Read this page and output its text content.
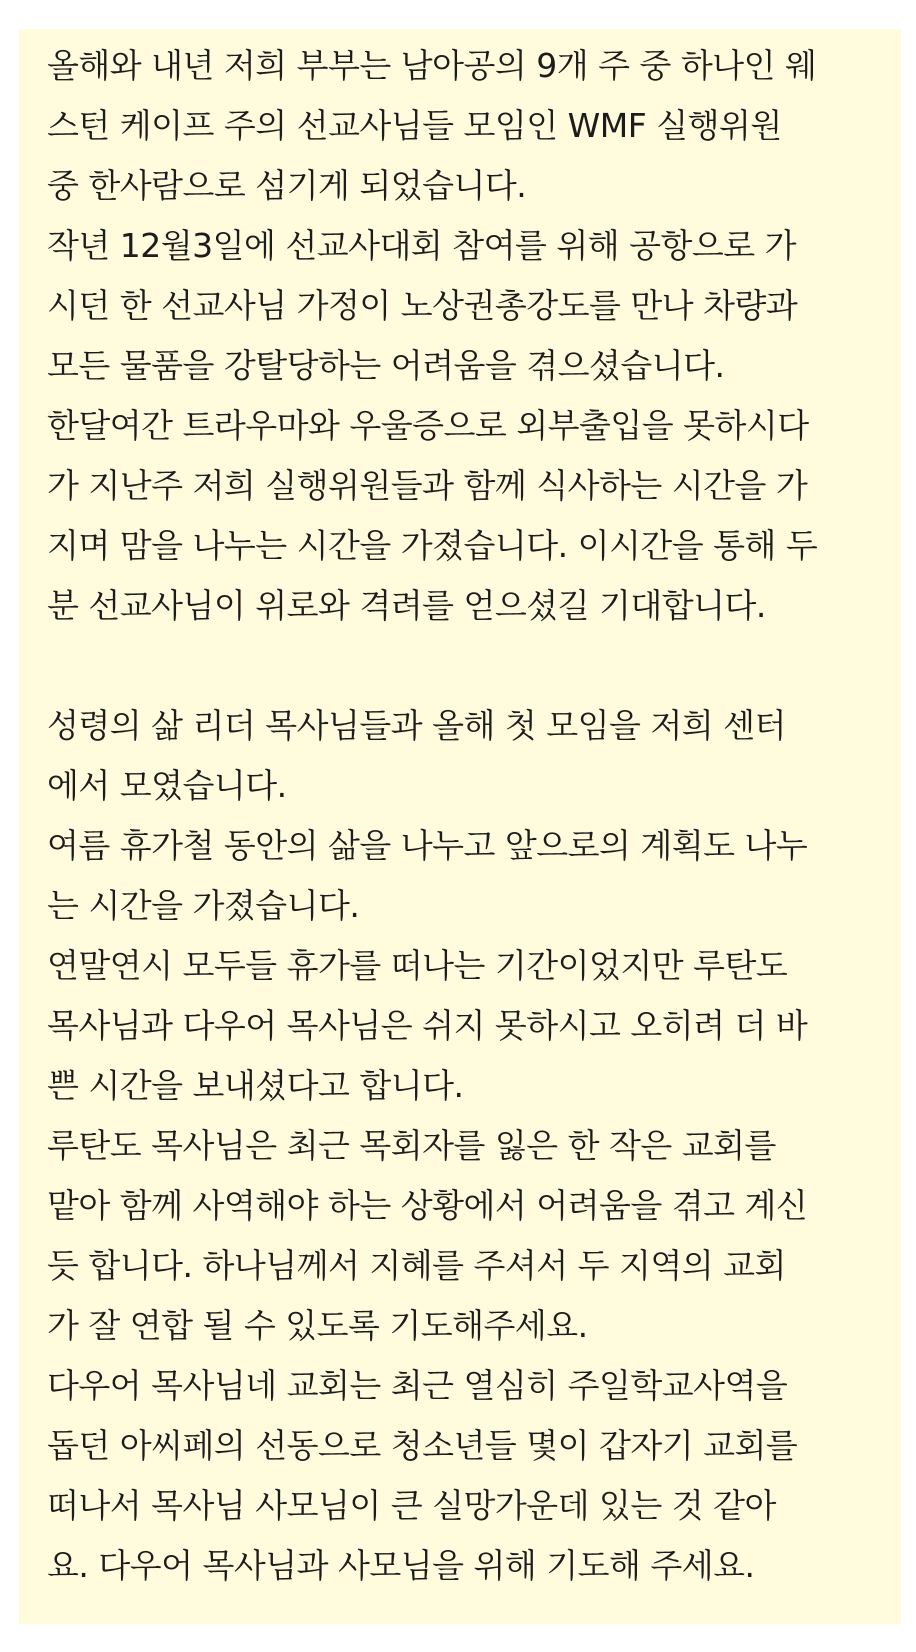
올해와 내년 저희 부부는 남아공의 9개 주 중 하나인 웨
스턴 케이프 주의 선교사님들 모임인 WMF 실행위원
중 한사람으로 섬기게 되었습니다.
작년 12월3일에 선교사대회 참여를 위해 공항으로 가
시던 한 선교사님 가정이 노상권총강도를 만나 차량과
모든 물품을 강탈당하는 어려움을 겪으셨습니다.
한달여간 트라우마와 우울증으로 외부출입을 못하시다
가 지난주 저희 실행위원들과 함께 식사하는 시간을 가
지며 맘을 나누는 시간을 가졌습니다. 이시간을 통해 두
분 선교사님이 위로와 격려를 얻으셨길 기대합니다.
성령의 삶 리더 목사님들과 올해 첫 모임을 저희 센터
에서 모였습니다.
여름 휴가철 동안의 삶을 나누고 앞으로의 계획도 나누
는 시간을 가졌습니다.
연말연시 모두들 휴가를 떠나는 기간이었지만 루탄도
목사님과 다우어 목사님은 쉬지 못하시고 오히려 더 바
쁜 시간을 보내셨다고 합니다.
루탄도 목사님은 최근 목회자를 잃은 한 작은 교회를
맡아 함께 사역해야 하는 상황에서 어려움을 겪고 계신
듯 합니다. 하나님께서 지혜를 주셔서 두 지역의 교회
가 잘 연합 될 수 있도록 기도해주세요.
다우어 목사님네 교회는 최근 열심히 주일학교사역을
돕던 아씨페의 선동으로 청소년들 몇이 갑자기 교회를
떠나서 목사님 사모님이 큰 실망가운데 있는 것 같아
요. 다우어 목사님과 사모님을 위해 기도해 주세요.
